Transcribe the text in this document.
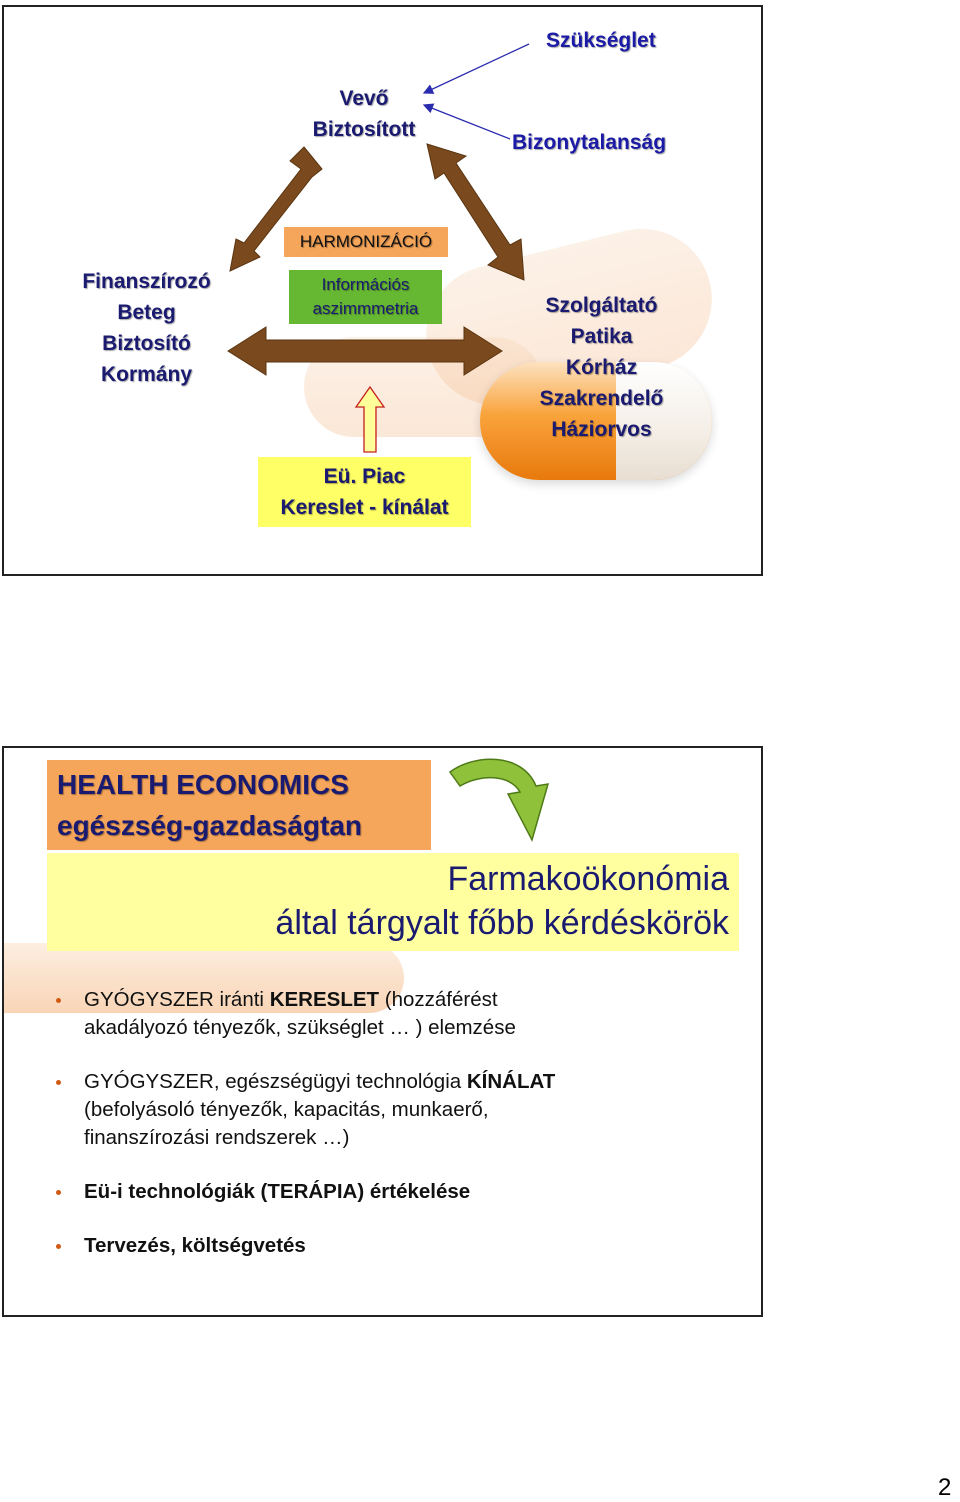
Szükséglet
Bizonytalanság
Vevő
Biztosított
HARMONIZÁCIÓ
Információs
aszimmmetria
Finanszírozó
Beteg
Biztosító
Kormány
Szolgáltató
Patika
Kórház
Szakrendelő
Háziorvos
Eü. Piac
Kereslet - kínálat
HEALTH ECONOMICS
egészség-gazdaságtan
Farmakoökonómia
által tárgyalt főbb kérdéskörök
GYÓGYSZER iránti KERESLET (hozzáférést
akadályozó tényezők, szükséglet … ) elemzése
GYÓGYSZER, egészségügyi technológia KÍNÁLAT
(befolyásoló tényezők, kapacitás, munkaerő,
finanszírozási rendszerek …)
Eü-i technológiák (TERÁPIA) értékelése
Tervezés, költségvetés
2
